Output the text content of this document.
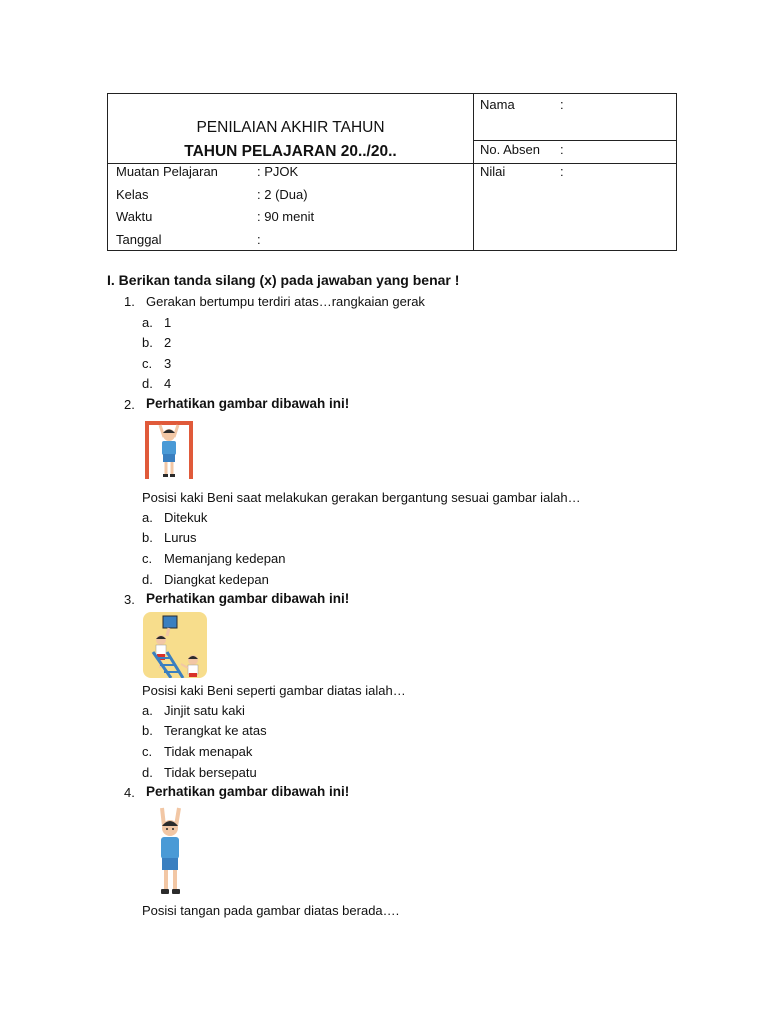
PENILAIAN AKHIR TAHUN
TAHUN PELAJARAN 20../20..
Muatan Pelajaran	: PJOK
Kelas	: 2 (Dua)
Waktu	: 90 menit
Tanggal	:
Nama	:
No. Absen :
Nilai	:
I. Berikan tanda silang (x) pada jawaban yang benar !
1. Gerakan bertumpu terdiri atas…rangkaian gerak
a. 1
b. 2
c. 3
d. 4
2. Perhatikan gambar dibawah ini!
Posisi kaki Beni saat melakukan gerakan bergantung sesuai gambar ialah…
a. Ditekuk
b. Lurus
c. Memanjang kedepan
d. Diangkat kedepan
3. Perhatikan gambar dibawah ini!
Posisi kaki Beni seperti gambar diatas ialah…
a. Jinjit satu kaki
b. Terangkat ke atas
c. Tidak menapak
d. Tidak bersepatu
4. Perhatikan gambar dibawah ini!
Posisi tangan pada gambar diatas berada….
